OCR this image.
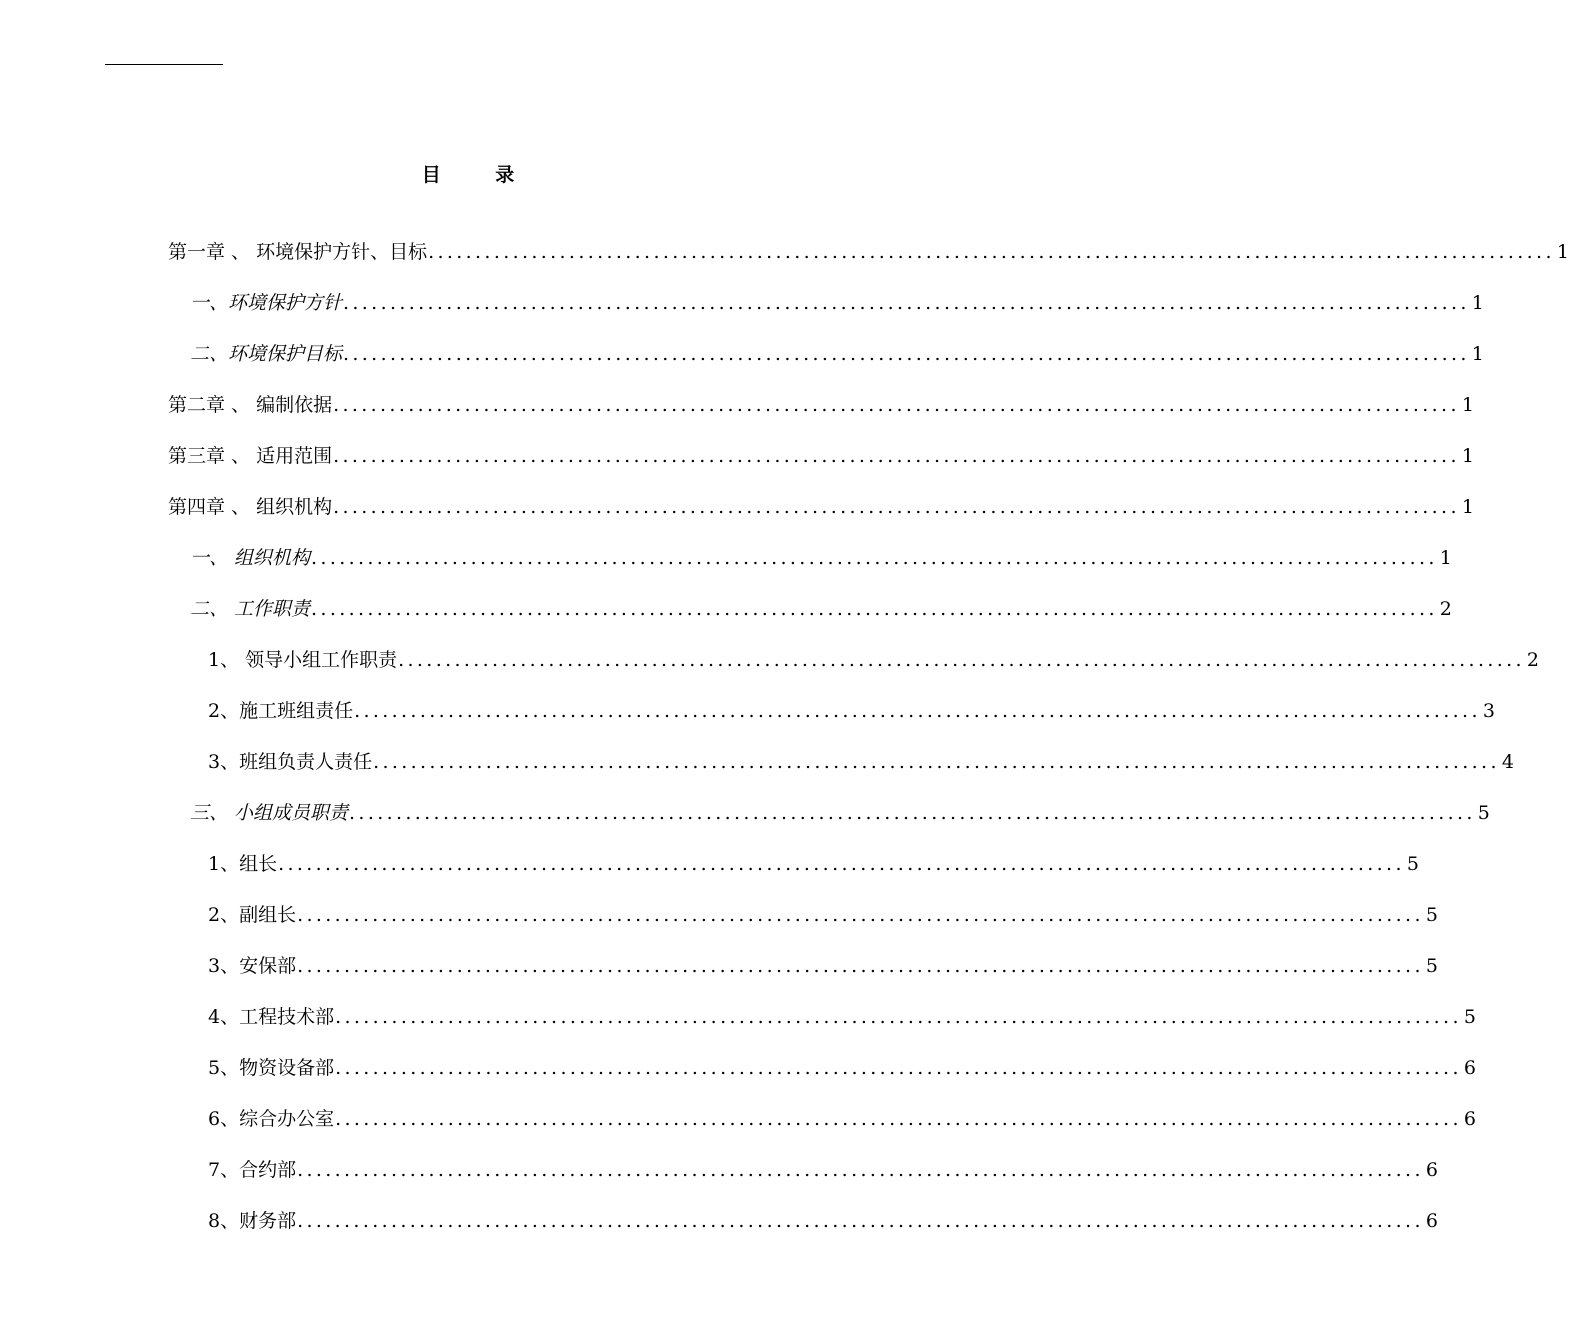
目 录
第一章 、 环境保护方针、目标 ........................................................................................................................ 1
一、环境保护方针 ........................................................................................................................ 1
二、环境保护目标 ........................................................................................................................ 1
第二章 、 编制依据 ........................................................................................................................ 1
第三章 、 适用范围 ........................................................................................................................ 1
第四章 、 组织机构 ........................................................................................................................ 1
一、 组织机构 ........................................................................................................................ 1
二、 工作职责 ........................................................................................................................ 2
1、 领导小组工作职责 ........................................................................................................................ 2
2、施工班组责任 ........................................................................................................................ 3
3、班组负责人责任 ........................................................................................................................ 4
三、 小组成员职责 ........................................................................................................................ 5
1、组长 ........................................................................................................................ 5
2、副组长 ........................................................................................................................ 5
3、安保部 ........................................................................................................................ 5
4、工程技术部 ........................................................................................................................ 5
5、物资设备部 ........................................................................................................................ 6
6、综合办公室 ........................................................................................................................ 6
7、合约部 ........................................................................................................................ 6
8、财务部 ........................................................................................................................ 6
